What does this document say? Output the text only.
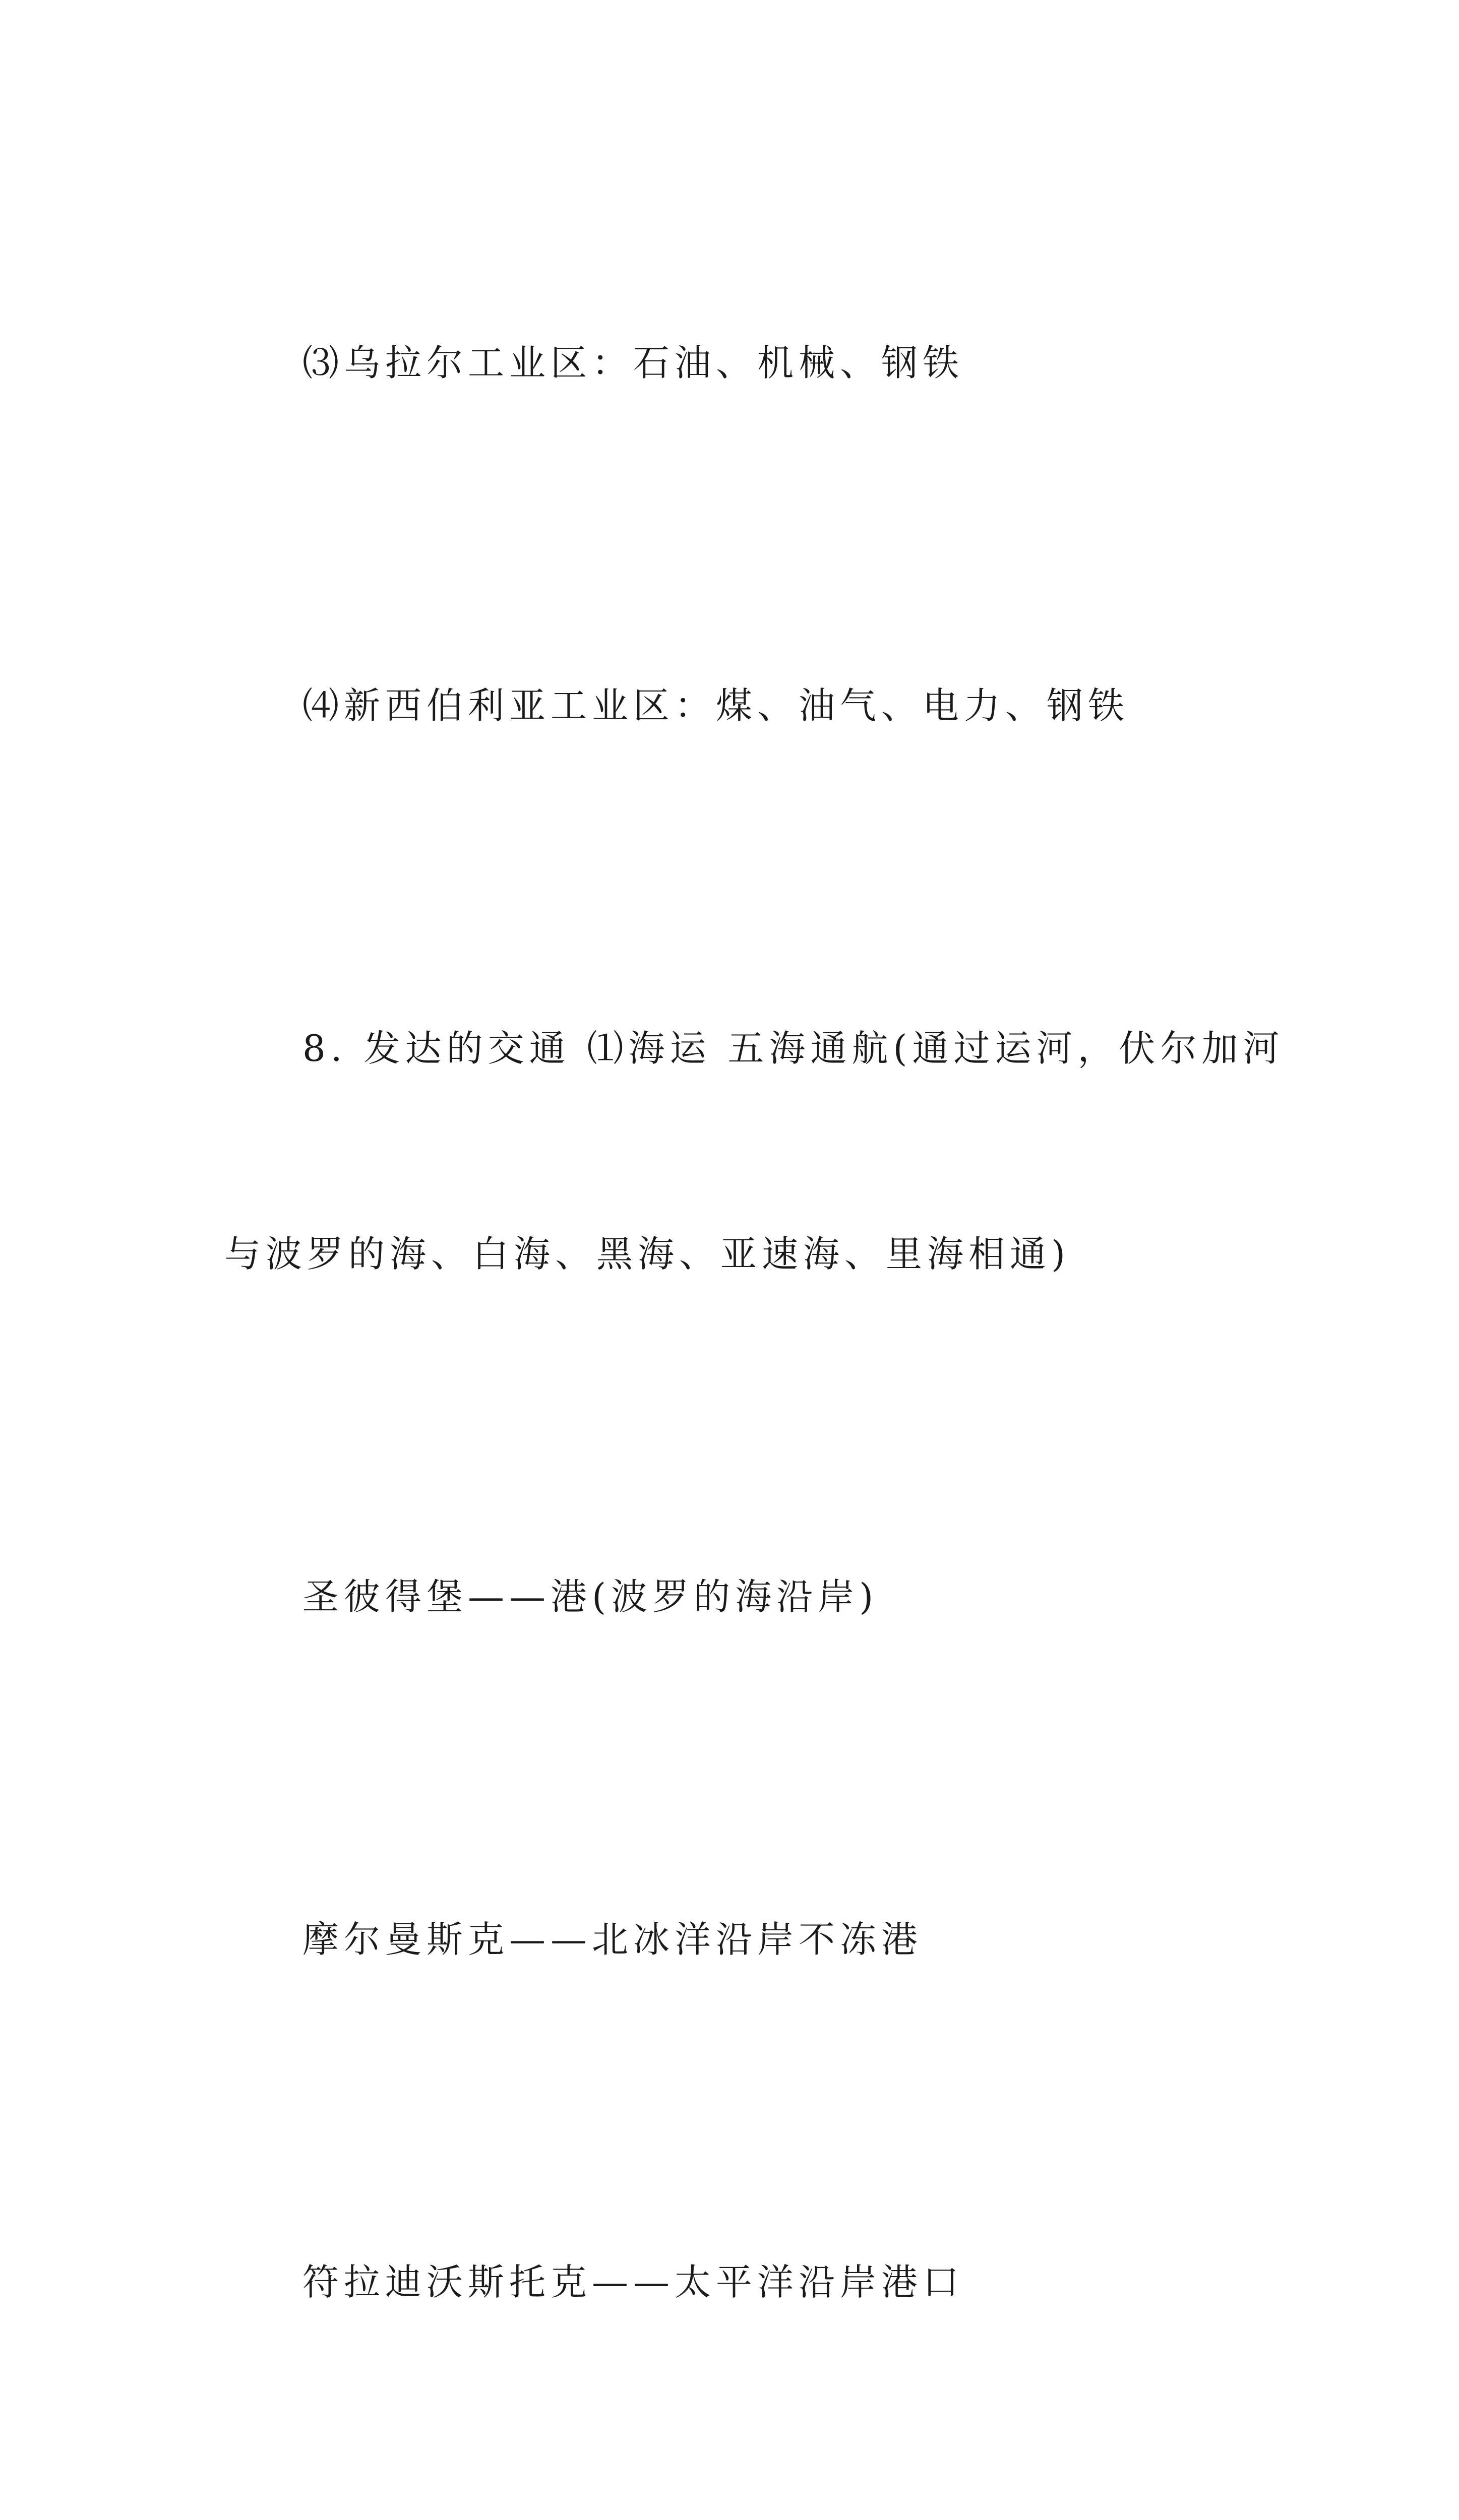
⑶乌拉尔工业区：石油、机械、钢铁

⑷新西伯利亚工业区：煤、油气、电力、钢铁

8. 发达的交通 ⑴海运 五海通航(通过运河，伏尔加河

与波罗的海、白海、黑海、亚速海、里海相通)

圣彼得堡——港(波罗的海沿岸)

摩尔曼斯克——北冰洋沿岸不冻港

符拉迪沃斯托克——太平洋沿岸港口
